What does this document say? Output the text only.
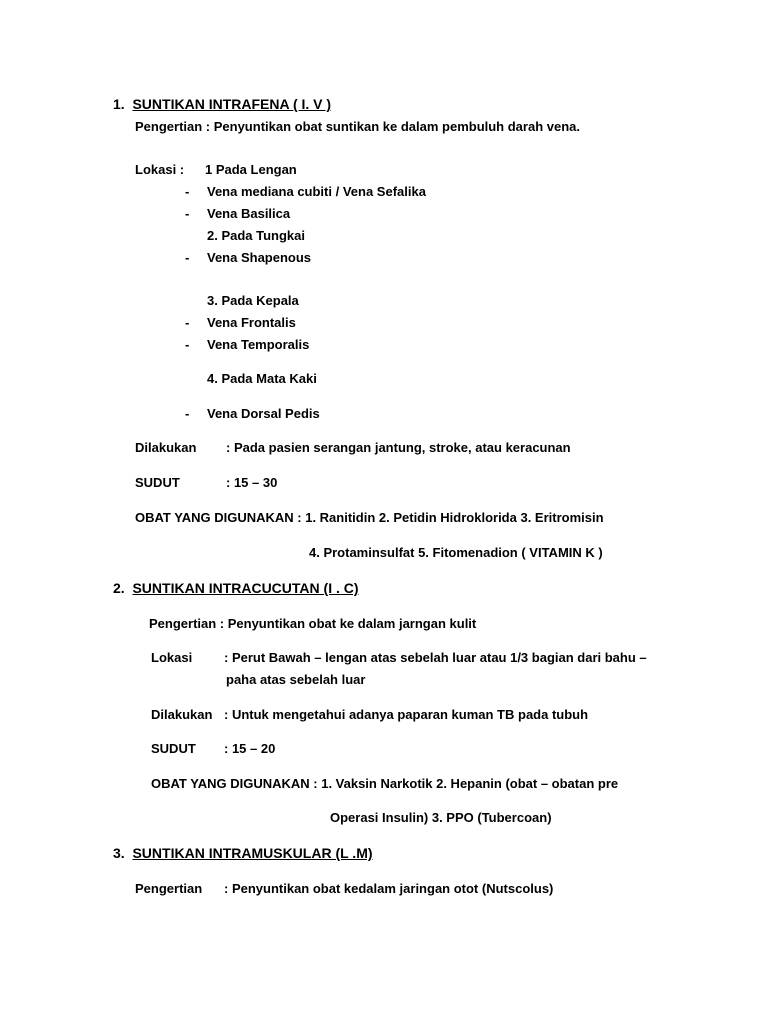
1. SUNTIKAN INTRAFENA ( I. V )
Pengertian : Penyuntikan obat suntikan ke dalam pembuluh darah vena.
Lokasi : 1 Pada Lengan
- Vena mediana cubiti / Vena Sefalika
- Vena Basilica
2. Pada Tungkai
- Vena Shapenous
3. Pada Kepala
- Vena Frontalis
- Vena Temporalis
4. Pada Mata Kaki
- Vena Dorsal Pedis
Dilakukan : Pada pasien serangan jantung, stroke, atau keracunan
SUDUT	: 15 – 30
OBAT YANG DIGUNAKAN : 1. Ranitidin 2. Petidin Hidroklorida 3. Eritromisin
4. Protaminsulfat 5. Fitomenadion ( VITAMIN K )
2. SUNTIKAN INTRACUCUTAN (I . C)
Pengertian : Penyuntikan obat ke dalam jarngan kulit
Lokasi : Perut Bawah – lengan atas sebelah luar atau 1/3 bagian dari bahu –
paha atas sebelah luar
Dilakukan : Untuk mengetahui adanya paparan kuman TB pada tubuh
SUDUT : 15 – 20
OBAT YANG DIGUNAKAN : 1. Vaksin Narkotik 2. Hepanin (obat – obatan pre
Operasi Insulin) 3. PPO (Tubercoan)
3. SUNTIKAN INTRAMUSKULAR (L .M)
Pengertian : Penyuntikan obat kedalam jaringan otot (Nutscolus)
